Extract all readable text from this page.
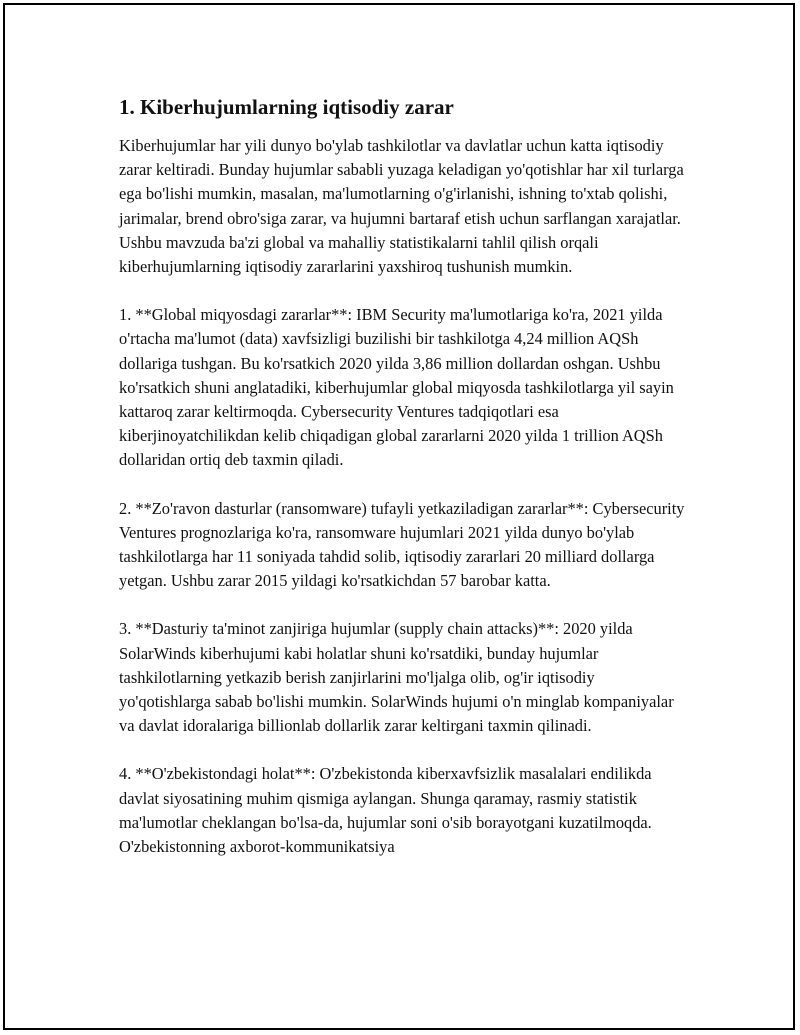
1. Kiberhujumlarning iqtisodiy zarar

Kiberhujumlar har yili dunyo bo'ylab tashkilotlar va davlatlar uchun katta iqtisodiy zarar keltiradi. Bunday hujumlar sababli yuzaga keladigan yo'qotishlar har xil turlarga ega bo'lishi mumkin, masalan, ma'lumotlarning o'g'irlanishi, ishning to'xtab qolishi, jarimalar, brend obro'siga zarar, va hujumni bartaraf etish uchun sarflangan xarajatlar. Ushbu mavzuda ba'zi global va mahalliy statistikalarni tahlil qilish orqali kiberhujumlarning iqtisodiy zararlarini yaxshiroq tushunish mumkin.

1. **Global miqyosdagi zararlar**: IBM Security ma'lumotlariga ko'ra, 2021 yilda o'rtacha ma'lumot (data) xavfsizligi buzilishi bir tashkilotga 4,24 million AQSh dollariga tushgan. Bu ko'rsatkich 2020 yilda 3,86 million dollardan oshgan. Ushbu ko'rsatkich shuni anglatadiki, kiberhujumlar global miqyosda tashkilotlarga yil sayin kattaroq zarar keltirmoqda. Cybersecurity Ventures tadqiqotlari esa kiberjinoyatchilikdan kelib chiqadigan global zararlarni 2020 yilda 1 trillion AQSh dollaridan ortiq deb taxmin qiladi.

2. **Zo'ravon dasturlar (ransomware) tufayli yetkaziladigan zararlar**: Cybersecurity Ventures prognozlariga ko'ra, ransomware hujumlari 2021 yilda dunyo bo'ylab tashkilotlarga har 11 soniyada tahdid solib, iqtisodiy zararlari 20 milliard dollarga yetgan. Ushbu zarar 2015 yildagi ko'rsatkichdan 57 barobar katta.

3. **Dasturiy ta'minot zanjiriga hujumlar (supply chain attacks)**: 2020 yilda SolarWinds kiberhujumi kabi holatlar shuni ko'rsatdiki, bunday hujumlar tashkilotlarning yetkazib berish zanjirlarini mo'ljalga olib, og'ir iqtisodiy yo'qotishlarga sabab bo'lishi mumkin. SolarWinds hujumi o'n minglab kompaniyalar va davlat idoralariga billionlab dollarlik zarar keltirgani taxmin qilinadi.

4. **O'zbekistondagi holat**: O'zbekistonda kiberxavfsizlik masalalari endilikda davlat siyosatining muhim qismiga aylangan. Shunga qaramay, rasmiy statistik ma'lumotlar cheklangan bo'lsa-da, hujumlar soni o'sib borayotgani kuzatilmoqda. O'zbekistonning axborot-kommunikatsiya
